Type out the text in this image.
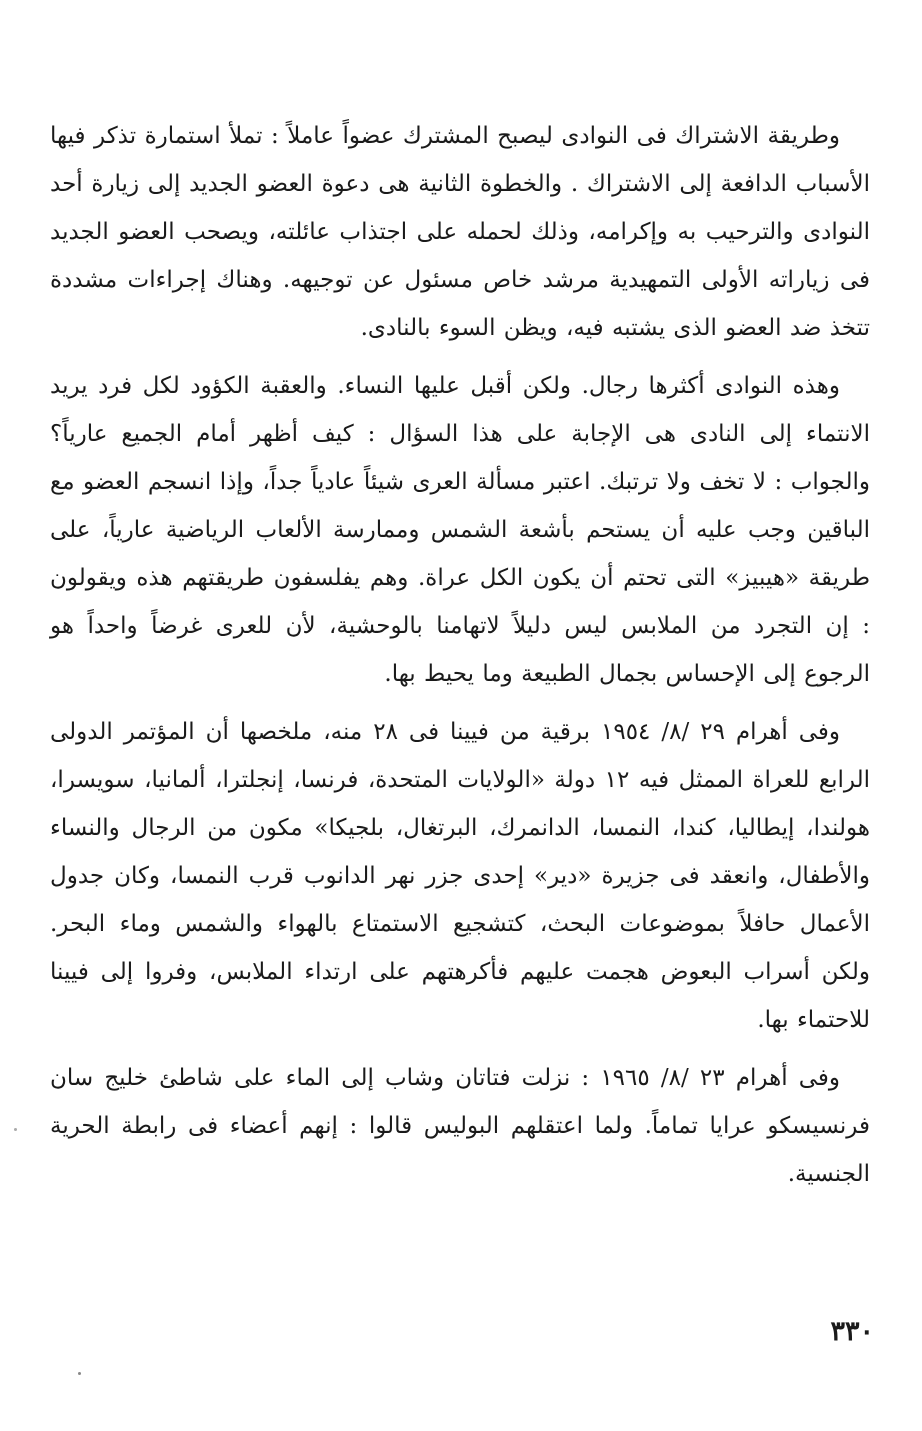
وطريقة الاشتراك فى النوادى ليصبح المشترك عضواً عاملاً : تملأ استمارة تذكر فيها الأسباب الدافعة إلى الاشتراك . والخطوة الثانية هى دعوة العضو الجديد إلى زيارة أحد النوادى والترحيب به وإكرامه، وذلك لحمله على اجتذاب عائلته، ويصحب العضو الجديد فى زياراته الأولى التمهيدية مرشد خاص مسئول عن توجيهه. وهناك إجراءات مشددة تتخذ ضد العضو الذى يشتبه فيه، ويظن السوء بالنادى.

وهذه النوادى أكثرها رجال. ولكن أقبل عليها النساء. والعقبة الكؤود لكل فرد يريد الانتماء إلى النادى هى الإجابة على هذا السؤال : كيف أظهر أمام الجميع عارياً؟ والجواب : لا تخف ولا ترتبك. اعتبر مسألة العرى شيئاً عادياً جداً، وإذا انسجم العضو مع الباقين وجب عليه أن يستحم بأشعة الشمس وممارسة الألعاب الرياضية عارياً، على طريقة «هيبيز» التى تحتم أن يكون الكل عراة. وهم يفلسفون طريقتهم هذه ويقولون : إن التجرد من الملابس ليس دليلاً لاتهامنا بالوحشية، لأن للعرى غرضاً واحداً هو الرجوع إلى الإحساس بجمال الطبيعة وما يحيط بها.

وفى أهرام ٢٩ /٨/ ١٩٥٤ برقية من فيينا فى ٢٨ منه، ملخصها أن المؤتمر الدولى الرابع للعراة الممثل فيه ١٢ دولة «الولايات المتحدة، فرنسا، إنجلترا، ألمانيا، سويسرا، هولندا، إيطاليا، كندا، النمسا، الدانمرك، البرتغال، بلجيكا» مكون من الرجال والنساء والأطفال، وانعقد فى جزيرة «دير» إحدى جزر نهر الدانوب قرب النمسا، وكان جدول الأعمال حافلاً بموضوعات البحث، كتشجيع الاستمتاع بالهواء والشمس وماء البحر. ولكن أسراب البعوض هجمت عليهم فأكرهتهم على ارتداء الملابس، وفروا إلى فيينا للاحتماء بها.

وفى أهرام ٢٣ /٨/ ١٩٦٥ : نزلت فتاتان وشاب إلى الماء على شاطئ خليج سان فرنسيسكو عرايا تماماً. ولما اعتقلهم البوليس قالوا : إنهم أعضاء فى رابطة الحرية الجنسية.

٣٣٠
